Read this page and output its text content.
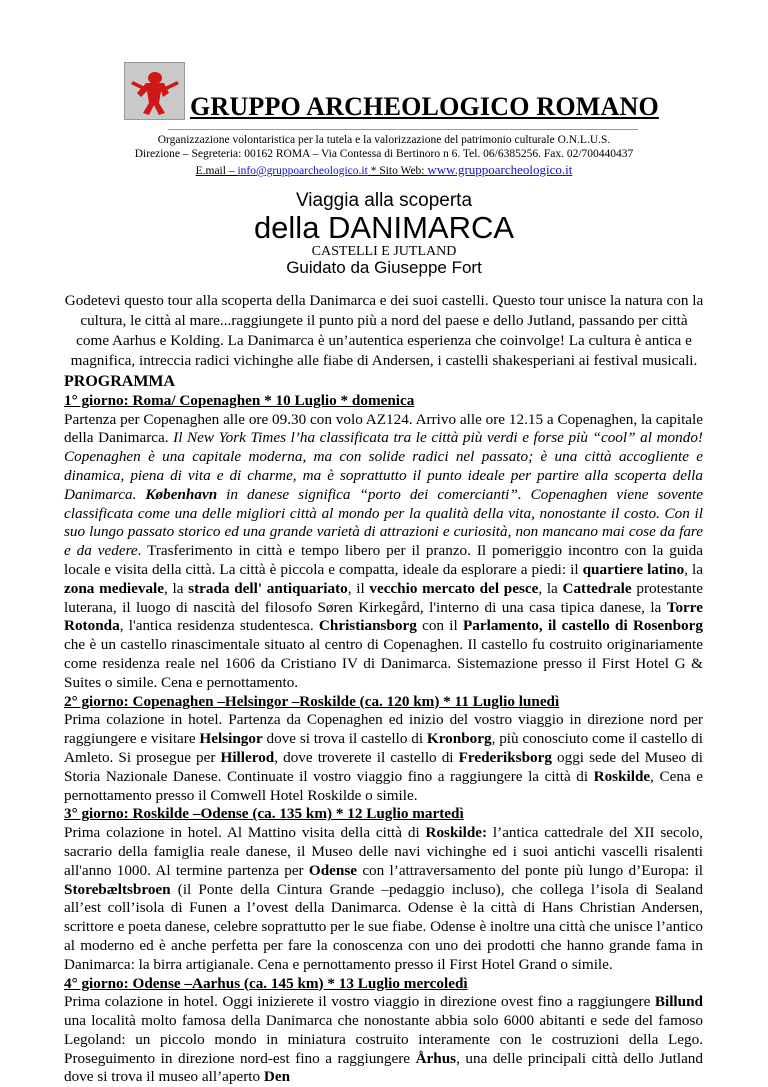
GRUPPO ARCHEOLOGICO ROMANO
Organizzazione volontaristica per la tutela e la valorizzazione del patrimonio culturale O.N.L.U.S.
Direzione – Segreteria: 00162 ROMA – Via Contessa di Bertinoro n 6. Tel. 06/6385256. Fax. 02/700440437
E.mail – info@gruppoarcheologico.it * Sito Web: www.gruppoarcheologico.it
Viaggia alla scoperta
della DANIMARCA
CASTELLI E JUTLAND
Guidato da Giuseppe Fort
Godetevi questo tour alla scoperta della Danimarca e dei suoi castelli. Questo tour unisce la natura con la cultura, le città al mare...raggiungete il punto più a nord del paese e dello Jutland, passando per città come Aarhus e Kolding. La Danimarca è un’autentica esperienza che coinvolge! La cultura è antica e magnifica, intreccia radici vichinghe alle fiabe di Andersen, i castelli shakesperiani ai festival musicali.

PROGRAMMA

1° giorno: Roma/ Copenaghen * 10 Luglio * domenica

Partenza per Copenaghen alle ore 09.30 con volo AZ124. Arrivo alle ore 12.15 a Copenaghen, la capitale della Danimarca. Il New York Times l’ha classificata tra le città più verdi e forse più “cool” al mondo! Copenaghen è una capitale moderna, ma con solide radici nel passato; è una città accogliente e dinamica, piena di vita e di charme, ma è soprattutto il punto ideale per partire alla scoperta della Danimarca. København in danese significa “porto dei comercianti”. Copenaghen viene sovente classificata come una delle migliori città al mondo per la qualità della vita, nonostante il costo. Con il suo lungo passato storico ed una grande varietà di attrazioni e curiosità, non mancano mai cose da fare e da vedere. Trasferimento in città e tempo libero per il pranzo. Il pomeriggio incontro con la guida locale e visita della città. La città è piccola e compatta, ideale da esplorare a piedi: il quartiere latino, la zona medievale, la strada dell' antiquariato, il vecchio mercato del pesce, la Cattedrale protestante luterana, il luogo di nascità del filosofo Søren Kirkegård, l'interno di una casa tipica danese, la Torre Rotonda, l'antica residenza studentesca. Christiansborg con il Parlamento, il castello di Rosenborg che è un castello rinascimentale situato al centro di Copenaghen. Il castello fu costruito originariamente come residenza reale nel 1606 da Cristiano IV di Danimarca. Sistemazione presso il First Hotel G & Suites o simile. Cena e pernottamento.

2° giorno: Copenaghen –Helsingor –Roskilde (ca. 120 km) * 11 Luglio lunedì

Prima colazione in hotel. Partenza da Copenaghen ed inizio del vostro viaggio in direzione nord per raggiungere e visitare Helsingor dove si trova il castello di Kronborg, più conosciuto come il castello di Amleto. Si prosegue per Hillerod, dove troverete il castello di Frederiksborg oggi sede del Museo di Storia Nazionale Danese. Continuate il vostro viaggio fino a raggiungere la città di Roskilde, Cena e pernottamento presso il Comwell Hotel Roskilde o simile.

3° giorno: Roskilde –Odense (ca. 135 km) * 12 Luglio martedì

Prima colazione in hotel. Al Mattino visita della città di Roskilde: l’antica cattedrale del XII secolo, sacrario della famiglia reale danese, il Museo delle navi vichinghe ed i suoi antichi vascelli risalenti all'anno 1000. Al termine partenza per Odense con l’attraversamento del ponte più lungo d’Europa: il Storebæltsbroen (il Ponte della Cintura Grande –pedaggio incluso), che collega l’isola di Sealand all’est coll’isola di Funen a l’ovest della Danimarca. Odense è la città di Hans Christian Andersen, scrittore e poeta danese, celebre soprattutto per le sue fiabe. Odense è inoltre una città che unisce l’antico al moderno ed è anche perfetta per fare la conoscenza con uno dei prodotti che hanno grande fama in Danimarca: la birra artigianale. Cena e pernottamento presso il First Hotel Grand o simile.

4° giorno: Odense –Aarhus (ca. 145 km) * 13 Luglio mercoledì

Prima colazione in hotel. Oggi inizierete il vostro viaggio in direzione ovest fino a raggiungere Billund una località molto famosa della Danimarca che nonostante abbia solo 6000 abitanti e sede del famoso Legoland: un piccolo mondo in miniatura costruito interamente con le costruzioni della Lego. Proseguimento in direzione nord-est fino a raggiungere Århus, una delle principali città dello Jutland dove si trova il museo all’aperto Den
